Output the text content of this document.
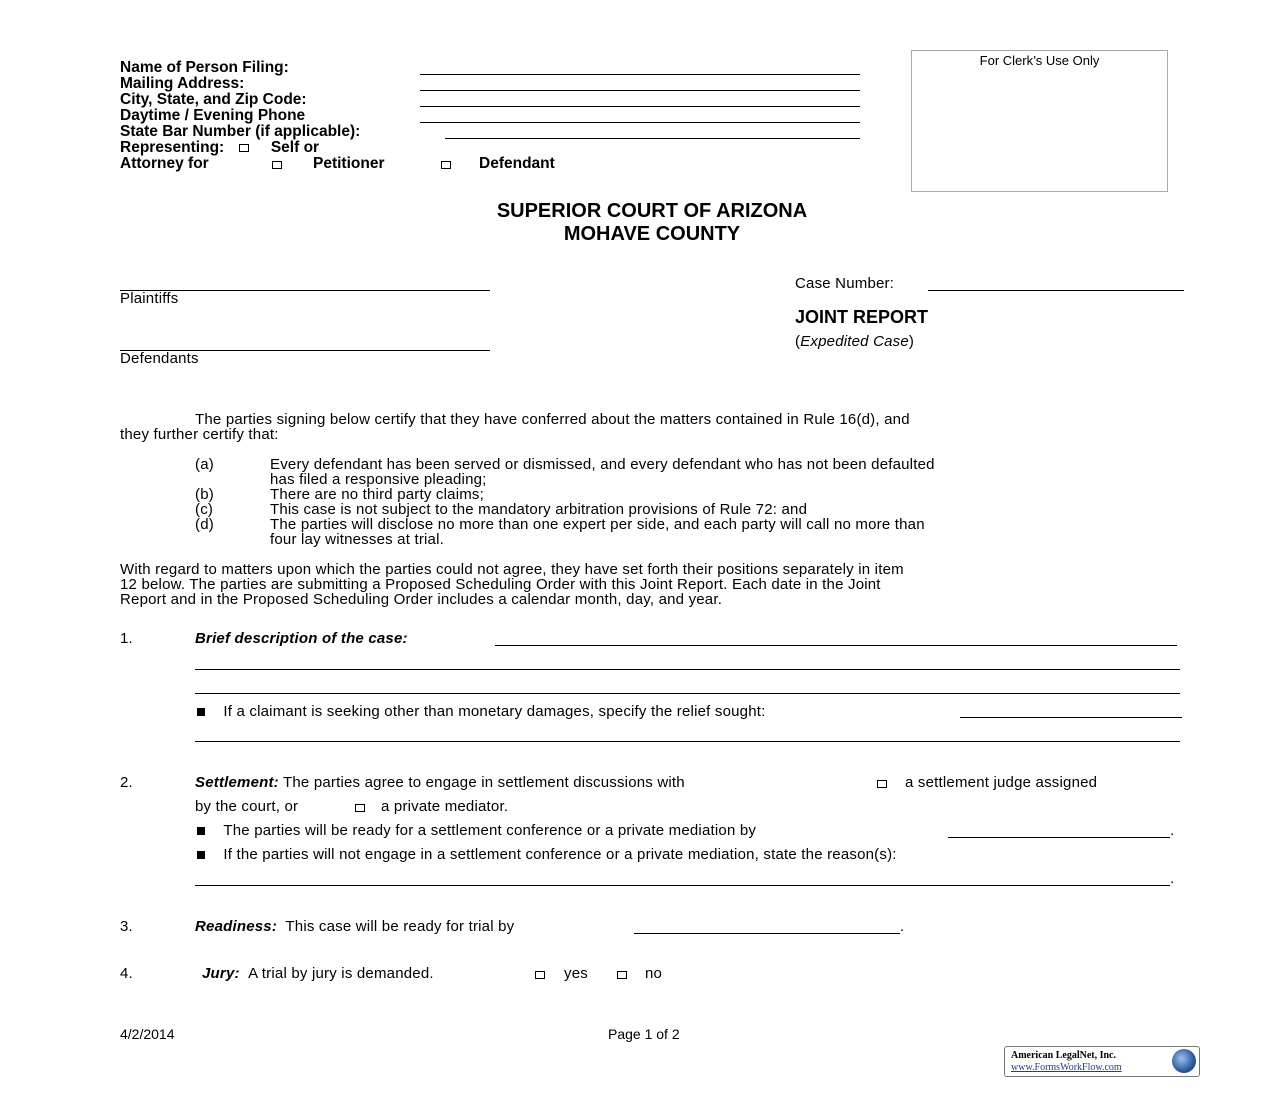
Name of Person Filing:
Mailing Address:
City, State, and Zip Code:
Daytime / Evening Phone
State Bar Number (if applicable):
Representing:	Self or
Attorney for	Petitioner	Defendant
For Clerk’s Use Only
SUPERIOR COURT OF ARIZONA
MOHAVE COUNTY
Plaintiffs
Defendants
Case Number:
JOINT REPORT
(Expedited Case)
The parties signing below certify that they have conferred about the matters contained in Rule 16(d), and
they further certify that:
(a)	Every defendant has been served or dismissed, and every defendant who has not been defaulted
has filed a responsive pleading;
(b)	There are no third party claims;
(c)	This case is not subject to the mandatory arbitration provisions of Rule 72: and
(d)	The parties will disclose no more than one expert per side, and each party will call no more than
four lay witnesses at trial.
With regard to matters upon which the parties could not agree, they have set forth their positions separately in item
12 below. The parties are submitting a Proposed Scheduling Order with this Joint Report. Each date in the Joint
Report and in the Proposed Scheduling Order includes a calendar month, day, and year.
1.	Brief description of the case:
If a claimant is seeking other than monetary damages, specify the relief sought:
2.	Settlement: The parties agree to engage in settlement discussions with	a settlement judge assigned
by the court, or	a private mediator.
The parties will be ready for a settlement conference or a private mediation by	.
If the parties will not engage in a settlement conference or a private mediation, state the reason(s):
.
3.	Readiness: This case will be ready for trial by	.
4.	Jury: A trial by jury is demanded.	yes	no
4/2/2014	Page 1 of 2
American LegalNet, Inc.
www.FormsWorkFlow.com
